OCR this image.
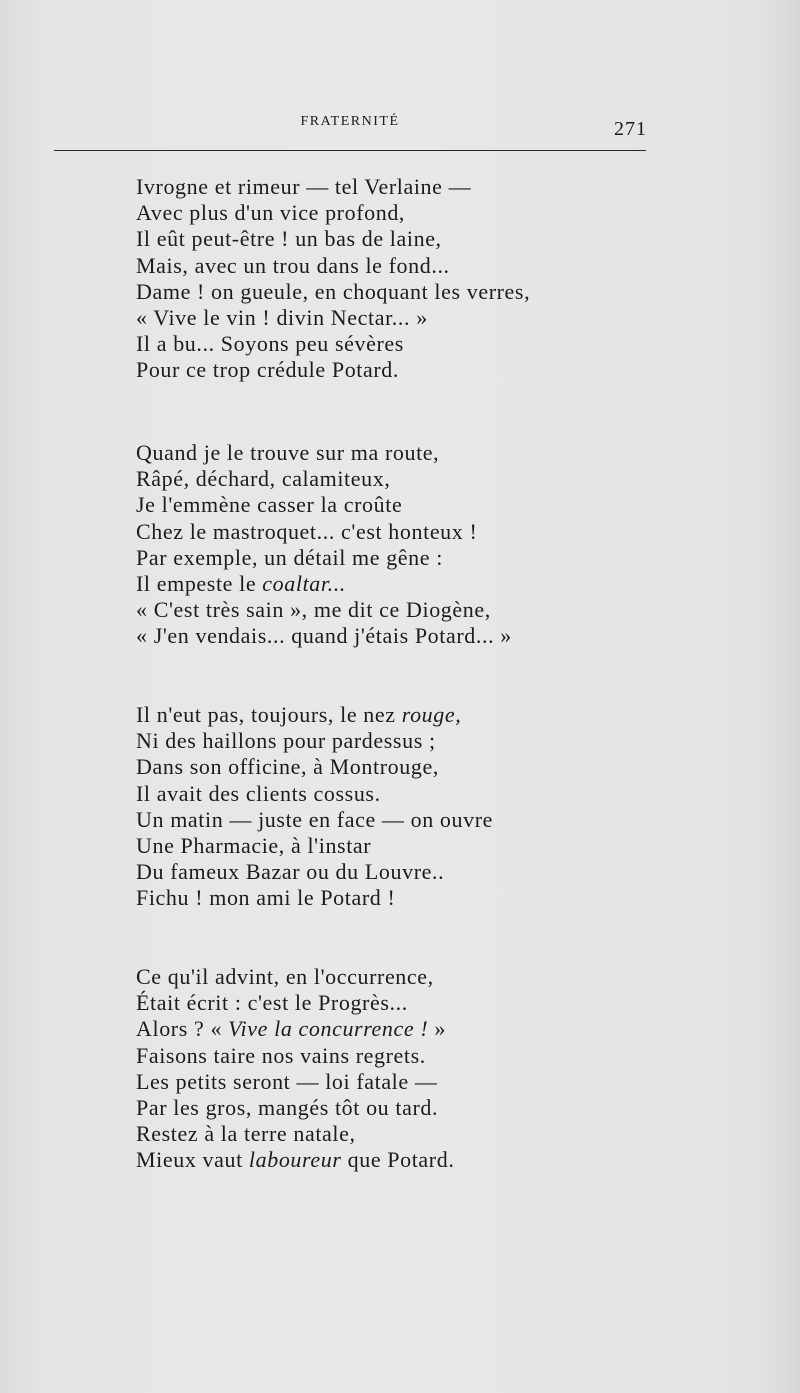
FRATERNITÉ	271
Ivrogne et rimeur — tel Verlaine —
Avec plus d'un vice profond,
Il eût peut-être ! un bas de laine,
Mais, avec un trou dans le fond...
Dame ! on gueule, en choquant les verres,
« Vive le vin ! divin Nectar... »
Il a bu... Soyons peu sévères
Pour ce trop crédule Potard.
Quand je le trouve sur ma route,
Râpé, déchard, calamiteux,
Je l'emmène casser la croûte
Chez le mastroquet... c'est honteux !
Par exemple, un détail me gêne :
Il empeste le coaltar...
« C'est très sain », me dit ce Diogène,
« J'en vendais... quand j'étais Potard... »
Il n'eut pas, toujours, le nez rouge,
Ni des haillons pour pardessus ;
Dans son officine, à Montrouge,
Il avait des clients cossus.
Un matin — juste en face — on ouvre
Une Pharmacie, à l'instar
Du fameux Bazar ou du Louvre..
Fichu ! mon ami le Potard !
Ce qu'il advint, en l'occurrence,
Était écrit : c'est le Progrès...
Alors ? « Vive la concurrence ! »
Faisons taire nos vains regrets.
Les petits seront — loi fatale —
Par les gros, mangés tôt ou tard.
Restez à la terre natale,
Mieux vaut laboureur que Potard.
